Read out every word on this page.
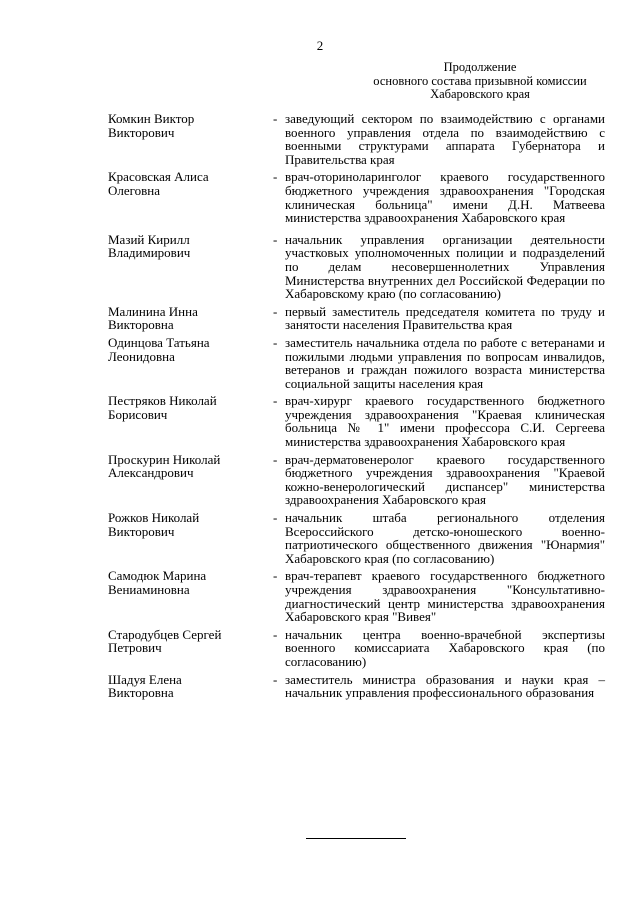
2
Продолжение
основного состава призывной комиссии
Хабаровского края
Комкин Виктор
Викторович
- заведующий сектором по взаимодействию с органами военного управления отдела по взаимодействию с военными структурами аппарата Губернатора и Правительства края
Красовская Алиса
Олеговна
- врач-оториноларинголог краевого государственного бюджетного учреждения здравоохранения "Городская клиническая больница" имени Д.Н. Матвеева министерства здравоохранения Хабаровского края
Мазий Кирилл
Владимирович
- начальник управления организации деятельности участковых уполномоченных полиции и подразделений по делам несовершеннолетних Управления Министерства внутренних дел Российской Федерации по Хабаровскому краю (по согласованию)
Малинина Инна
Викторовна
- первый заместитель председателя комитета по труду и занятости населения Правительства края
Одинцова Татьяна
Леонидовна
- заместитель начальника отдела по работе с ветеранами и пожилыми людьми управления по вопросам инвалидов, ветеранов и граждан пожилого возраста министерства социальной защиты населения края
Пестряков Николай
Борисович
- врач-хирург краевого государственного бюджетного учреждения здравоохранения "Краевая клиническая больница № 1" имени профессора С.И. Сергеева министерства здравоохранения Хабаровского края
Проскурин Николай
Александрович
- врач-дерматовенеролог краевого государственного бюджетного учреждения здравоохранения "Краевой кожно-венерологический диспансер" министерства здравоохранения Хабаровского края
Рожков Николай
Викторович
- начальник штаба регионального отделения Всероссийского детско-юношеского военно-патриотического общественного движения "Юнармия" Хабаровского края (по согласованию)
Самодюк Марина
Вениаминовна
- врач-терапевт краевого государственного бюджетного учреждения здравоохранения "Консультативно-диагностический центр министерства здравоохранения Хабаровского края "Вивея"
Стародубцев Сергей
Петрович
- начальник центра военно-врачебной экспертизы военного комиссариата Хабаровского края (по согласованию)
Шадуя Елена
Викторовна
- заместитель министра образования и науки края – начальник управления профессионального образования
